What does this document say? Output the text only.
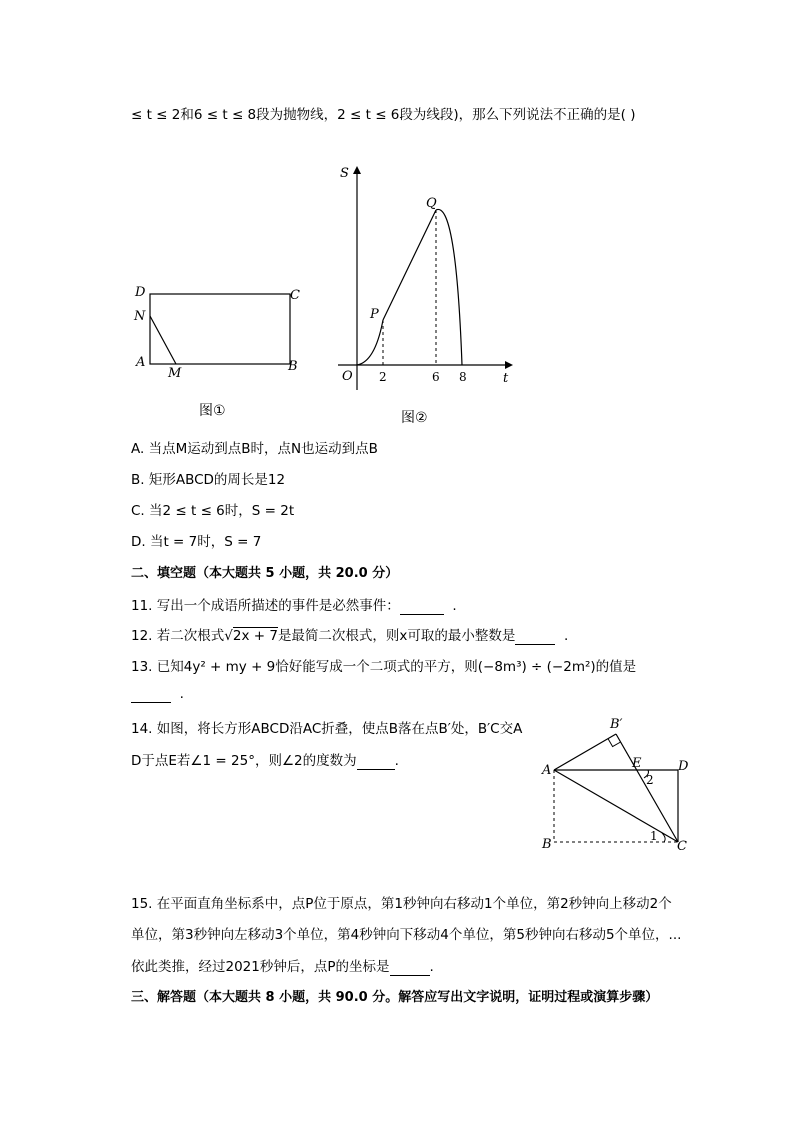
≤ t ≤ 2和6 ≤ t ≤ 8段为抛物线，2 ≤ t ≤ 6段为线段)，那么下列说法不正确的是( )
D	C
N
A
M	B
图①
S
Q
P
O	t
2	6 8
图②
A. 当点M运动到点B时，点N也运动到点B
B. 矩形ABCD的周长是12
C. 当2 ≤ t ≤ 6时，S = 2t
D. 当t = 7时，S = 7
二、填空题（本大题共 5 小题，共 20.0 分）
11. 写出一个成语所描述的事件是必然事件：	.
12. 若二次根式√2x + 7是最简二次根式，则x可取的最小整数是	.
13. 已知4y² + my + 9恰好能写成一个二项式的平方，则(−8m³) ÷ (−2m²)的值是
.
14. 如图，将长方形ABCD沿AC折叠，使点B落在点B′处，B′C交A
D于点E若∠1 = 25°，则∠2的度数为	.
B′
A	E
2
D
1
B	C
15. 在平面直角坐标系中，点P位于原点，第1秒钟向右移动1个单位，第2秒钟向上移动2个
单位，第3秒钟向左移动3个单位，第4秒钟向下移动4个单位，第5秒钟向右移动5个单位，...
依此类推，经过2021秒钟后，点P的坐标是	.
三、解答题（本大题共 8 小题，共 90.0 分。解答应写出文字说明，证明过程或演算步骤）
